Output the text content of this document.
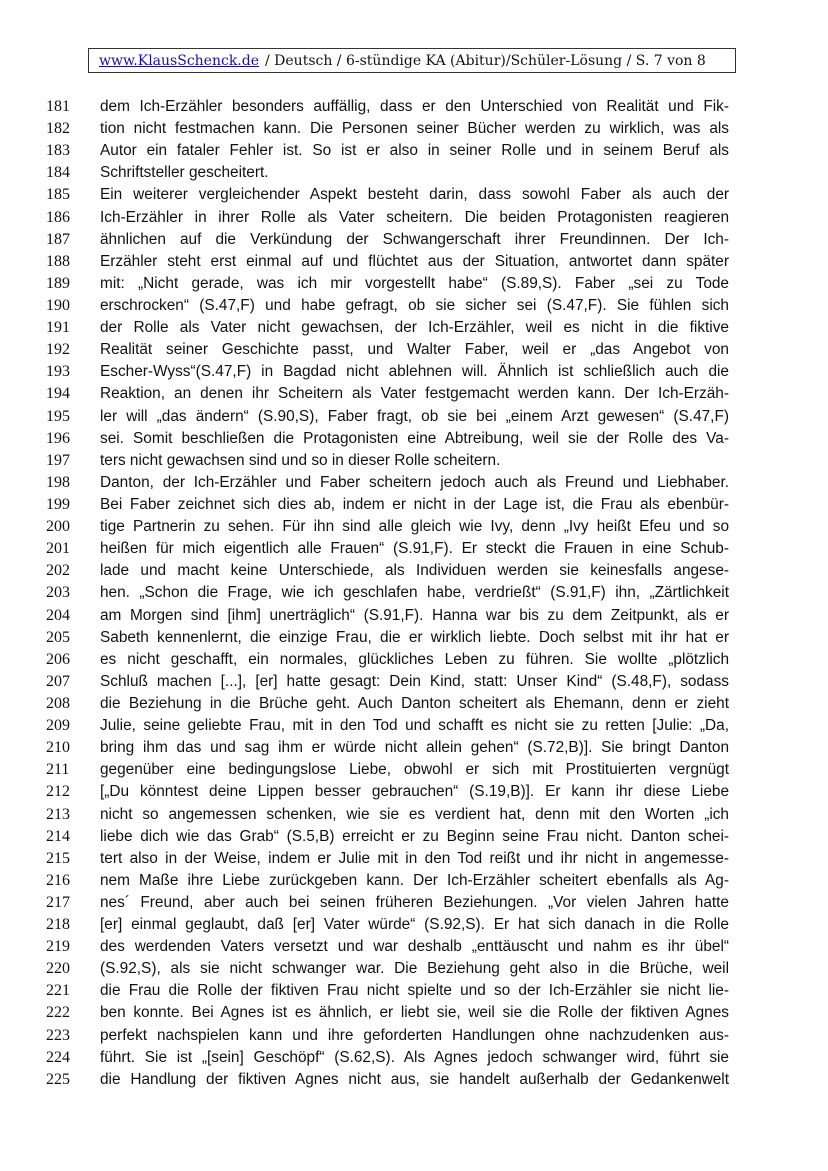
www.KlausSchenck.de / Deutsch / 6-stündige KA (Abitur)/Schüler-Lösung / S. 7 von 8
181	dem Ich-Erzähler besonders auffällig, dass er den Unterschied von Realität und Fik-
182	tion nicht festmachen kann. Die Personen seiner Bücher werden zu wirklich, was als
183	Autor ein fataler Fehler ist. So ist er also in seiner Rolle und in seinem Beruf als
184	Schriftsteller gescheitert.
185	Ein weiterer vergleichender Aspekt besteht darin, dass sowohl Faber als auch der
186	Ich-Erzähler in ihrer Rolle als Vater scheitern. Die beiden Protagonisten reagieren
187	ähnlichen auf die Verkündung der Schwangerschaft ihrer Freundinnen. Der Ich-
188	Erzähler steht erst einmal auf und flüchtet aus der Situation, antwortet dann später
189	mit: „Nicht gerade, was ich mir vorgestellt habe“ (S.89,S). Faber „sei zu Tode
190	erschrocken“ (S.47,F) und habe gefragt, ob sie sicher sei (S.47,F). Sie fühlen sich
191	der Rolle als Vater nicht gewachsen, der Ich-Erzähler, weil es nicht in die fiktive
192	Realität seiner Geschichte passt, und Walter Faber, weil er „das Angebot von
193	Escher-Wyss“(S.47,F) in Bagdad nicht ablehnen will. Ähnlich ist schließlich auch die
194	Reaktion, an denen ihr Scheitern als Vater festgemacht werden kann. Der Ich-Erzäh-
195	ler will „das ändern“ (S.90,S), Faber fragt, ob sie bei „einem Arzt gewesen“ (S.47,F)
196	sei. Somit beschließen die Protagonisten eine Abtreibung, weil sie der Rolle des Va-
197	ters nicht gewachsen sind und so in dieser Rolle scheitern.
198	Danton, der Ich-Erzähler und Faber scheitern jedoch auch als Freund und Liebhaber.
199	Bei Faber zeichnet sich dies ab, indem er nicht in der Lage ist, die Frau als ebenbür-
200	tige Partnerin zu sehen. Für ihn sind alle gleich wie Ivy, denn „Ivy heißt Efeu und so
201	heißen für mich eigentlich alle Frauen“ (S.91,F). Er steckt die Frauen in eine Schub-
202	lade und macht keine Unterschiede, als Individuen werden sie keinesfalls angese-
203	hen. „Schon die Frage, wie ich geschlafen habe, verdrießt“ (S.91,F) ihn, „Zärtlichkeit
204	am Morgen sind [ihm] unerträglich“ (S.91,F). Hanna war bis zu dem Zeitpunkt, als er
205	Sabeth kennenlernt, die einzige Frau, die er wirklich liebte. Doch selbst mit ihr hat er
206	es nicht geschafft, ein normales, glückliches Leben zu führen. Sie wollte „plötzlich
207	Schluß machen [...], [er] hatte gesagt: Dein Kind, statt: Unser Kind“ (S.48,F), sodass
208	die Beziehung in die Brüche geht. Auch Danton scheitert als Ehemann, denn er zieht
209	Julie, seine geliebte Frau, mit in den Tod und schafft es nicht sie zu retten [Julie: „Da,
210	bring ihm das und sag ihm er würde nicht allein gehen“ (S.72,B)]. Sie bringt Danton
211	gegenüber eine bedingungslose Liebe, obwohl er sich mit Prostituierten vergnügt
212	[„Du könntest deine Lippen besser gebrauchen“ (S.19,B)]. Er kann ihr diese Liebe
213	nicht so angemessen schenken, wie sie es verdient hat, denn mit den Worten „ich
214	liebe dich wie das Grab“ (S.5,B) erreicht er zu Beginn seine Frau nicht. Danton schei-
215	tert also in der Weise, indem er Julie mit in den Tod reißt und ihr nicht in angemesse-
216	nem Maße ihre Liebe zurückgeben kann. Der Ich-Erzähler scheitert ebenfalls als Ag-
217	nes´ Freund, aber auch bei seinen früheren Beziehungen. „Vor vielen Jahren hatte
218	[er] einmal geglaubt, daß [er] Vater würde“ (S.92,S). Er hat sich danach in die Rolle
219	des werdenden Vaters versetzt und war deshalb „enttäuscht und nahm es ihr übel“
220	(S.92,S), als sie nicht schwanger war. Die Beziehung geht also in die Brüche, weil
221	die Frau die Rolle der fiktiven Frau nicht spielte und so der Ich-Erzähler sie nicht lie-
222	ben konnte. Bei Agnes ist es ähnlich, er liebt sie, weil sie die Rolle der fiktiven Agnes
223	perfekt nachspielen kann und ihre geforderten Handlungen ohne nachzudenken aus-
224	führt. Sie ist „[sein] Geschöpf“ (S.62,S). Als Agnes jedoch schwanger wird, führt sie
225	die Handlung der fiktiven Agnes nicht aus, sie handelt außerhalb der Gedankenwelt
